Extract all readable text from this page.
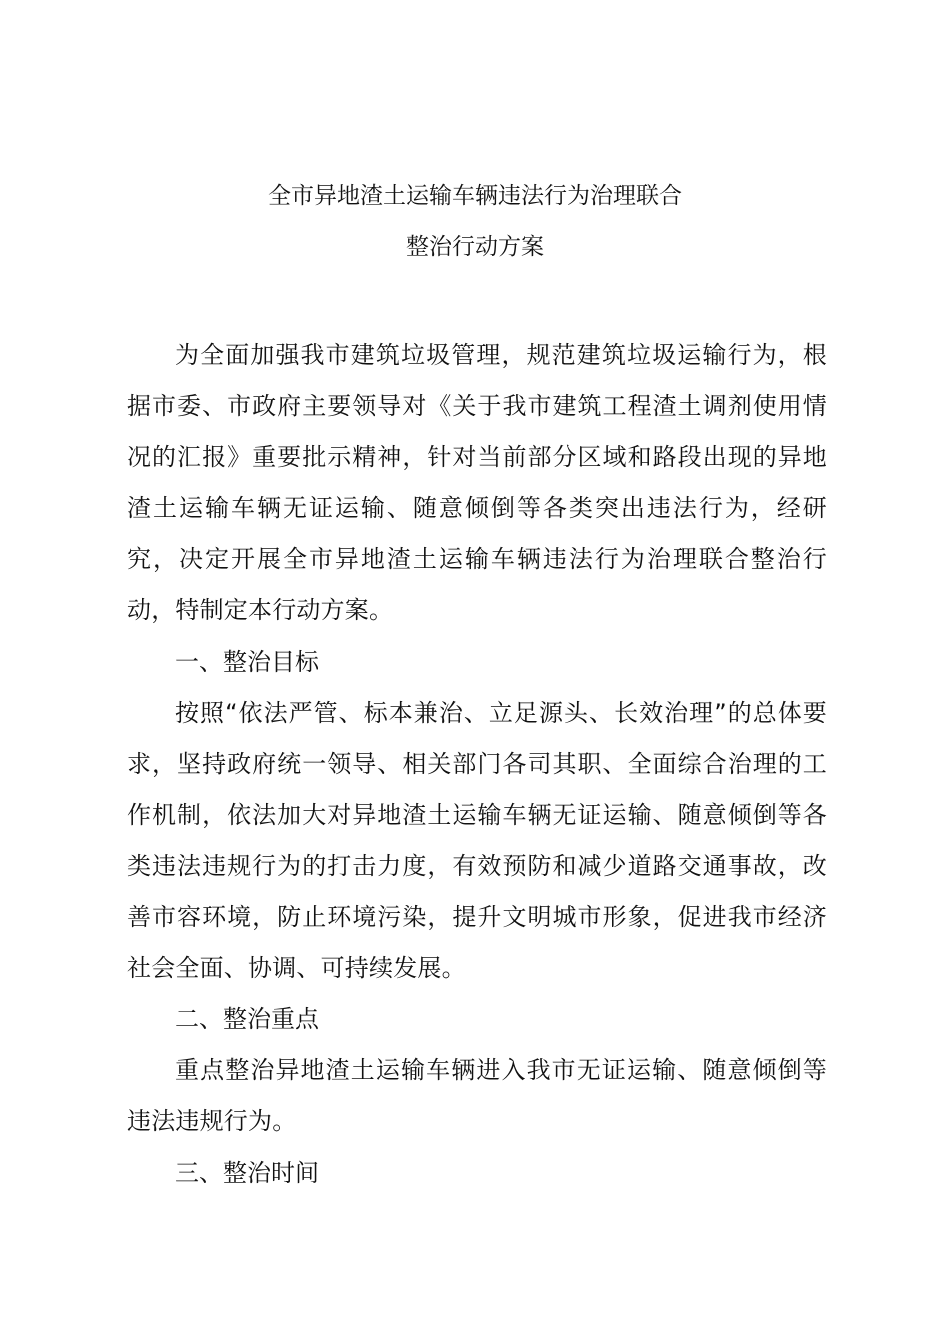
全市异地渣土运输车辆违法行为治理联合
整治行动方案

为全面加强我市建筑垃圾管理，规范建筑垃圾运输行为，根据市委、市政府主要领导对《关于我市建筑工程渣土调剂使用情况的汇报》重要批示精神，针对当前部分区域和路段出现的异地渣土运输车辆无证运输、随意倾倒等各类突出违法行为，经研究，决定开展全市异地渣土运输车辆违法行为治理联合整治行动，特制定本行动方案。

一、整治目标

按照“依法严管、标本兼治、立足源头、长效治理”的总体要求，坚持政府统一领导、相关部门各司其职、全面综合治理的工作机制，依法加大对异地渣土运输车辆无证运输、随意倾倒等各类违法违规行为的打击力度，有效预防和减少道路交通事故，改善市容环境，防止环境污染，提升文明城市形象，促进我市经济社会全面、协调、可持续发展。

二、整治重点

重点整治异地渣土运输车辆进入我市无证运输、随意倾倒等违法违规行为。

三、整治时间
